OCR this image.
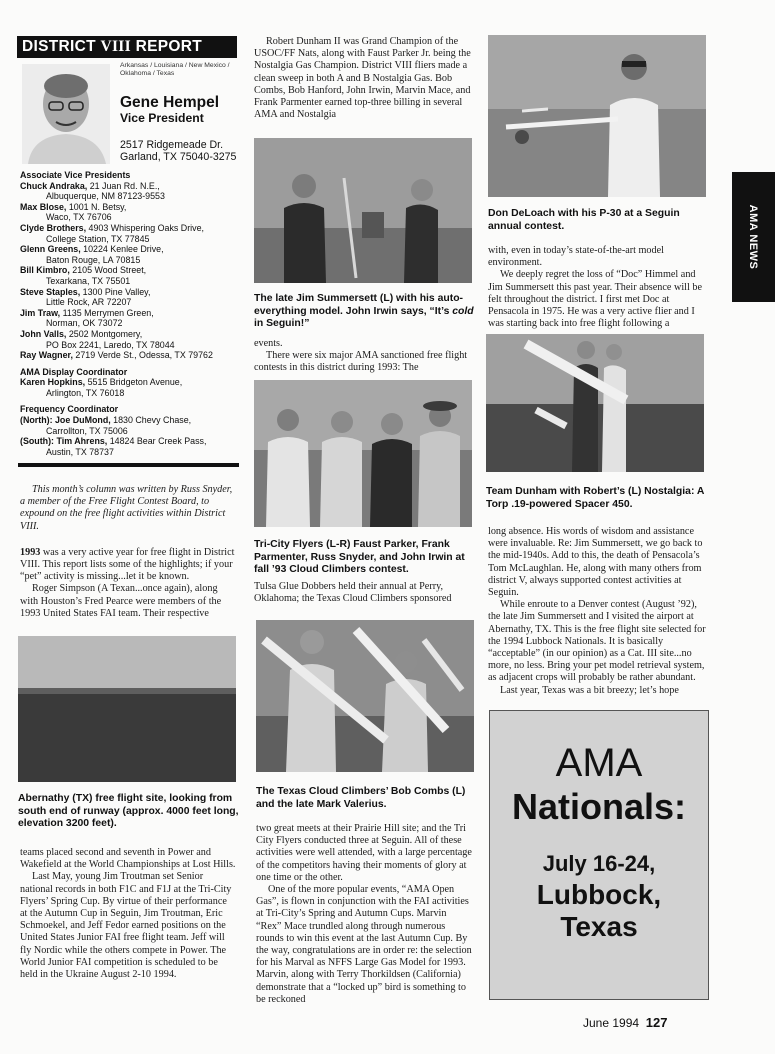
DISTRICT VIII REPORT
Arkansas / Louisiana / New Mexico / Oklahoma / Texas
Gene Hempel
Vice President
2517 Ridgemeade Dr.
Garland, TX 75040-3275
Associate Vice Presidents
Chuck Andraka, 21 Juan Rd. N.E.,
Albuquerque, NM 87123-9553
Max Blose, 1001 N. Betsy,
Waco, TX 76706
Clyde Brothers, 4903 Whispering Oaks Drive,
College Station, TX 77845
Glenn Greens, 10224 Kenlee Drive,
Baton Rouge, LA 70815
Bill Kimbro, 2105 Wood Street,
Texarkana, TX 75501
Steve Staples, 1300 Pine Valley,
Little Rock, AR 72207
Jim Traw, 1135 Merrymen Green,
Norman, OK 73072
John Valls, 2502 Montgomery,
PO Box 2241, Laredo, TX 78044
Ray Wagner, 2719 Verde St., Odessa, TX 79762
AMA Display Coordinator
Karen Hopkins, 5515 Bridgeton Avenue,
Arlington, TX 76018
Frequency Coordinator
(North): Joe DuMond, 1830 Chevy Chase,
Carrollton, TX 75006
(South): Tim Ahrens, 14824 Bear Creek Pass,
Austin, TX 78737

This month’s column was written by Russ Snyder, a member of the Free Flight Contest Board, to expound on the free flight activities within District VIII.

1993 was a very active year for free flight in District VIII. This report lists some of the highlights; if your “pet” activity is missing...let it be known.

Roger Simpson (A Texan...once again), along with Houston’s Fred Pearce were members of the 1993 United States FAI team. Their respective

Abernathy (TX) free flight site, looking from south end of runway (approx. 4000 feet long, elevation 3200 feet).

teams placed second and seventh in Power and Wakefield at the World Championships at Lost Hills.

Last May, young Jim Troutman set Senior national records in both F1C and F1J at the Tri-City Flyers’ Spring Cup. By virtue of their performance at the Autumn Cup in Seguin, Jim Troutman, Eric Schmoekel, and Jeff Fedor earned positions on the United States Junior FAI free flight team. Jeff will fly Nordic while the others compete in Power. The World Junior FAI competition is scheduled to be held in the Ukraine August 2-10 1994.

Robert Dunham II was Grand Champion of the USOC/FF Nats, along with Faust Parker Jr. being the Nostalgia Gas Champion. District VIII fliers made a clean sweep in both A and B Nostalgia Gas. Bob Combs, Bob Hanford, John Irwin, Marvin Mace, and Frank Parmenter earned top-three billing in several AMA and Nostalgia

The late Jim Summersett (L) with his auto-everything model. John Irwin says, “It’s cold in Seguin!”

events.

There were six major AMA sanctioned free flight contests in this district during 1993: The

Tri-City Flyers (L-R) Faust Parker, Frank Parmenter, Russ Snyder, and John Irwin at fall ’93 Cloud Climbers contest.

Tulsa Glue Dobbers held their annual at Perry, Oklahoma; the Texas Cloud Climbers sponsored

The Texas Cloud Climbers’ Bob Combs (L) and the late Mark Valerius.

two great meets at their Prairie Hill site; and the Tri City Flyers conducted three at Seguin. All of these activities were well attended, with a large percentage of the competitors having their moments of glory at one time or the other.

One of the more popular events, “AMA Open Gas”, is flown in conjunction with the FAI activities at Tri-City’s Spring and Autumn Cups. Marvin “Rex” Mace trundled along through numerous rounds to win this event at the last Autumn Cup. By the way, congratulations are in order re: the selection for his Marval as NFFS Large Gas Model for 1993. Marvin, along with Terry Thorkildsen (California) demonstrate that a “locked up” bird is something to be reckoned

Don DeLoach with his P-30 at a Seguin annual contest.

with, even in today’s state-of-the-art model environment.

We deeply regret the loss of “Doc” Himmel and Jim Summersett this past year. Their absence will be felt throughout the district. I first met Doc at Pensacola in 1975. He was a very active flier and I was starting back into free flight following a

Team Dunham with Robert’s (L) Nostalgia: A Torp .19-powered Spacer 450.

long absence. His words of wisdom and assistance were invaluable. Re: Jim Summersett, we go back to the mid-1940s. Add to this, the death of Pensacola’s Tom McLaughlan. He, along with many others from district V, always supported contest activities at Seguin.

While enroute to a Denver contest (August ’92), the late Jim Summersett and I visited the airport at Abernathy, TX. This is the free flight site selected for the 1994 Lubbock Nationals. It is basically “acceptable” (in our opinion) as a Cat. III site...no more, no less. Bring your pet model retrieval system, as adjacent crops will probably be rather abundant.

Last year, Texas was a bit breezy; let’s hope

AMA NEWS
AMA
Nationals:
July 16-24,
Lubbock,
Texas
June 1994 127
